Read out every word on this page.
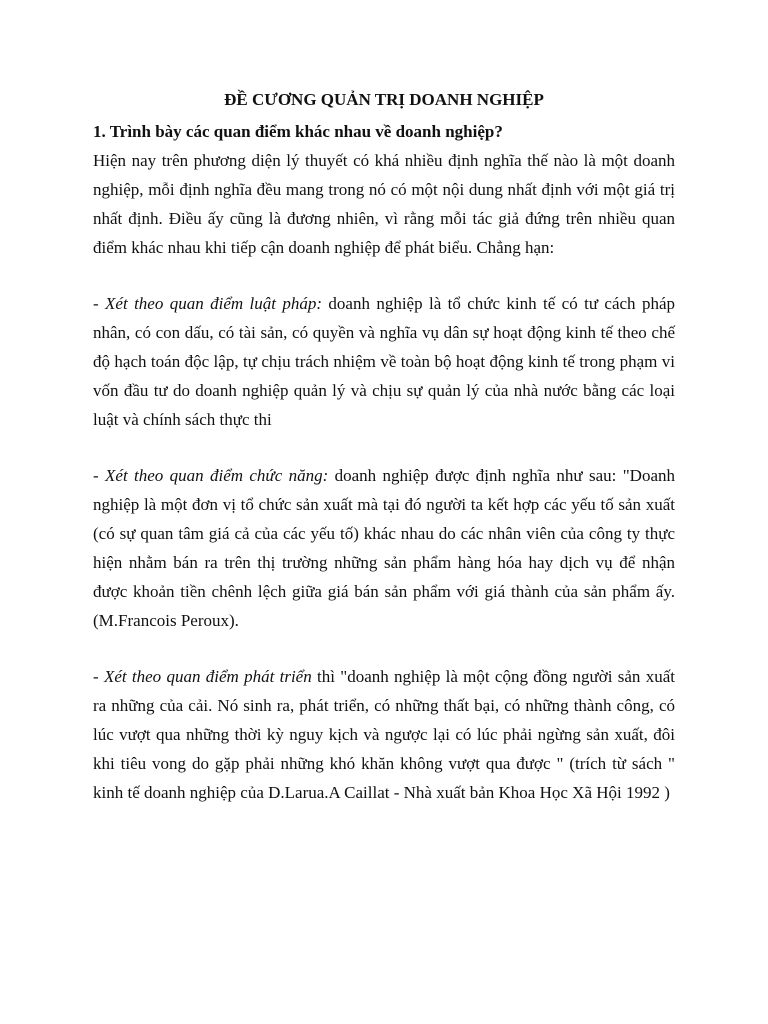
ĐỀ CƯƠNG QUẢN TRỊ DOANH NGHIỆP

1. Trình bày các quan điểm khác nhau về doanh nghiệp?

Hiện nay trên phương diện lý thuyết có khá nhiều định nghĩa thế nào là một doanh nghiệp, mỗi định nghĩa đều mang trong nó có một nội dung nhất định với một giá trị nhất định. Điều ấy cũng là đương nhiên, vì rằng mỗi tác giả đứng trên nhiều quan điểm khác nhau khi tiếp cận doanh nghiệp để phát biểu. Chẳng hạn:

- Xét theo quan điểm luật pháp: doanh nghiệp là tổ chức kinh tế có tư cách pháp nhân, có con dấu, có tài sản, có quyền và nghĩa vụ dân sự hoạt động kinh tế theo chế độ hạch toán độc lập, tự chịu trách nhiệm về toàn bộ hoạt động kinh tế trong phạm vi vốn đầu tư do doanh nghiệp quản lý và chịu sự quản lý của nhà nước bằng các loại luật và chính sách thực thi

- Xét theo quan điểm chức năng: doanh nghiệp được định nghĩa như sau: "Doanh nghiệp là một đơn vị tổ chức sản xuất mà tại đó người ta kết hợp các yếu tố sản xuất (có sự quan tâm giá cả của các yếu tố) khác nhau do các nhân viên của công ty thực hiện nhằm bán ra trên thị trường những sản phẩm hàng hóa hay dịch vụ để nhận được khoản tiền chênh lệch giữa giá bán sản phẩm với giá thành của sản phẩm ấy. (M.Francois Peroux).

- Xét theo quan điểm phát triển thì "doanh nghiệp là một cộng đồng người sản xuất ra những của cải. Nó sinh ra, phát triển, có những thất bại, có những thành công, có lúc vượt qua những thời kỳ nguy kịch và ngược lại có lúc phải ngừng sản xuất, đôi khi tiêu vong do gặp phải những khó khăn không vượt qua được " (trích từ sách " kinh tế doanh nghiệp của D.Larua.A Caillat - Nhà xuất bản Khoa Học Xã Hội 1992 )
